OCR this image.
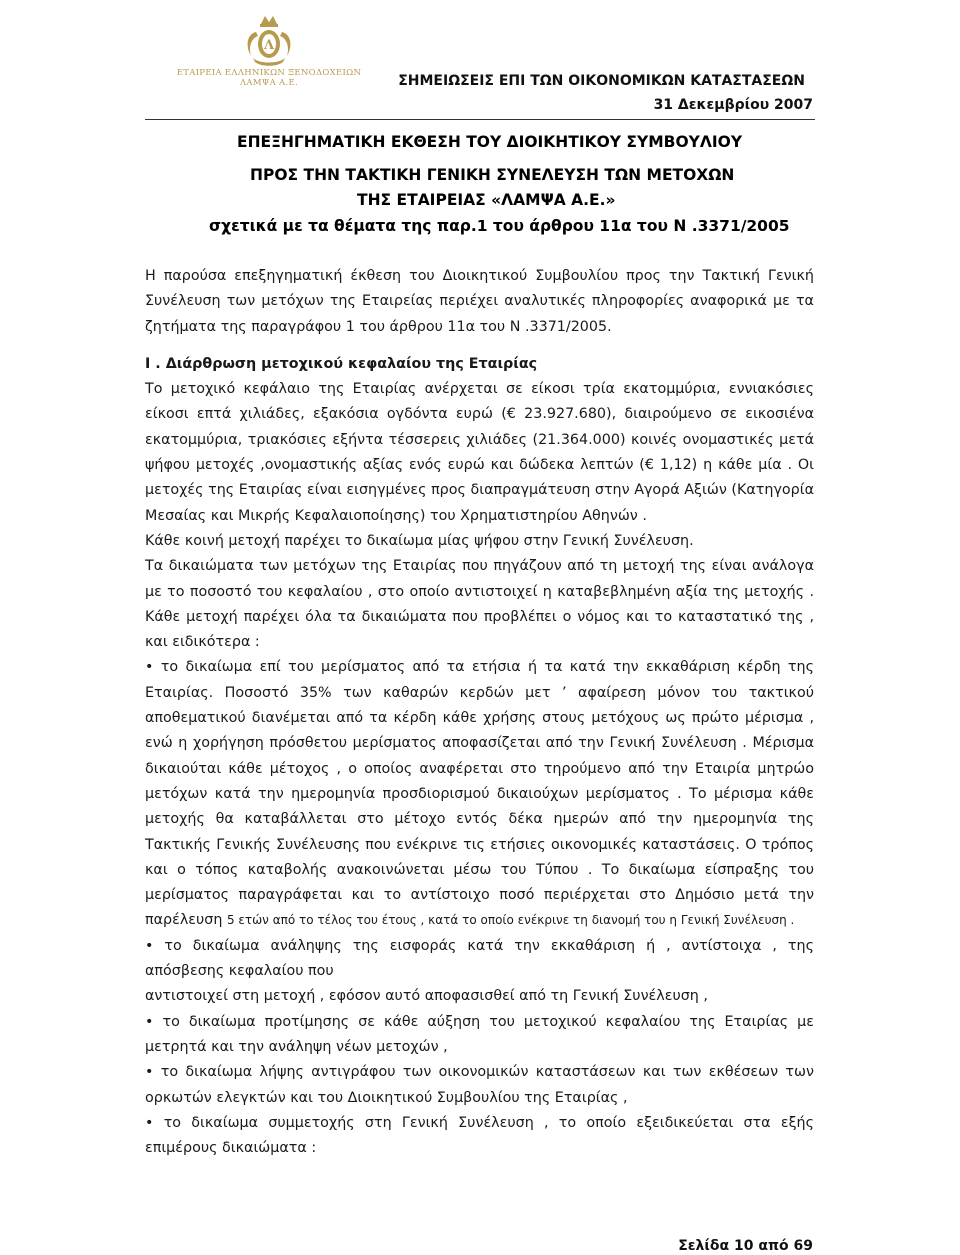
Λ
ΕΤΑΙΡΕΙΑ ΕΛΛΗΝΙΚΩΝ ΞΕΝΟΔΟΧΕΙΩΝ
ΛΑΜΨΑ Α.Ε.	ΣΗΜΕΙΩΣΕΙΣ ΕΠΙ ΤΩΝ ΟΙΚΟΝΟΜΙΚΩΝ ΚΑΤΑΣΤΑΣΕΩΝ
31 Δεκεμβρίου 2007
ΕΠΕΞΗΓΗΜΑΤΙΚΗ ΕΚΘΕΣΗ ΤΟΥ ΔΙΟΙΚΗΤΙΚΟΥ ΣΥΜΒΟΥΛΙΟΥ
ΠΡΟΣ ΤΗΝ ΤΑΚΤΙΚΗ ΓΕΝΙΚΗ ΣΥΝΕΛΕΥΣΗ ΤΩΝ ΜΕΤΟΧΩΝ
ΤΗΣ ΕΤΑΙΡΕΙΑΣ «ΛΑΜΨΑ Α.Ε.»
σχετικά με τα θέματα της παρ.1 του άρθρου 11α του Ν .3371/2005

Η παρούσα επεξηγηματική έκθεση του Διοικητικού Συμβουλίου προς την Τακτική Γενική Συνέλευση των μετόχων της Εταιρείας περιέχει αναλυτικές πληροφορίες αναφορικά με τα ζητήματα της παραγράφου 1 του άρθρου 11α του Ν .3371/2005.

Ι . Διάρθρωση μετοχικού κεφαλαίου της Εταιρίας

Το μετοχικό κεφάλαιο της Εταιρίας ανέρχεται σε είκοσι τρία εκατομμύρια, εννιακόσιες είκοσι επτά χιλιάδες, εξακόσια ογδόντα ευρώ (€ 23.927.680), διαιρούμενο σε εικοσιένα εκατομμύρια, τριακόσιες εξήντα τέσσερεις χιλιάδες (21.364.000) κοινές ονομαστικές μετά ψήφου μετοχές ,ονομαστικής αξίας ενός ευρώ και δώδεκα λεπτών (€ 1,12) η κάθε μία . Οι μετοχές της Εταιρίας είναι εισηγμένες προς διαπραγμάτευση στην Αγορά Αξιών (Κατηγορία Μεσαίας και Μικρής Κεφαλαιοποίησης) του Χρηματιστηρίου Αθηνών .

Κάθε κοινή μετοχή παρέχει το δικαίωμα μίας ψήφου στην Γενική Συνέλευση.

Τα δικαιώματα των μετόχων της Εταιρίας που πηγάζουν από τη μετοχή της είναι ανάλογα με το ποσοστό του κεφαλαίου , στο οποίο αντιστοιχεί η καταβεβλημένη αξία της μετοχής . Κάθε μετοχή παρέχει όλα τα δικαιώματα που προβλέπει ο νόμος και το καταστατικό της , και ειδικότερα :

• το δικαίωμα επί του μερίσματος από τα ετήσια ή τα κατά την εκκαθάριση κέρδη της Εταιρίας. Ποσοστό 35% των καθαρών κερδών μετ ’ αφαίρεση μόνον του τακτικού αποθεματικού διανέμεται από τα κέρδη κάθε χρήσης στους μετόχους ως πρώτο μέρισμα , ενώ η χορήγηση πρόσθετου μερίσματος αποφασίζεται από την Γενική Συνέλευση . Μέρισμα δικαιούται κάθε μέτοχος , ο οποίος αναφέρεται στο τηρούμενο από την Εταιρία μητρώο μετόχων κατά την ημερομηνία προσδιορισμού δικαιούχων μερίσματος . Το μέρισμα κάθε μετοχής θα καταβάλλεται στο μέτοχο εντός δέκα ημερών από την ημερομηνία της Τακτικής Γενικής Συνέλευσης που ενέκρινε τις ετήσιες οικονομικές καταστάσεις. Ο τρόπος και ο τόπος καταβολής ανακοινώνεται μέσω του Τύπου . Το δικαίωμα είσπραξης του μερίσματος παραγράφεται και το αντίστοιχο ποσό περιέρχεται στο Δημόσιο μετά την παρέλευση 5 ετών από το τέλος του έτους , κατά το οποίο ενέκρινε τη διανομή του η Γενική Συνέλευση .

• το δικαίωμα ανάληψης της εισφοράς κατά την εκκαθάριση ή , αντίστοιχα , της απόσβεσης κεφαλαίου που

αντιστοιχεί στη μετοχή , εφόσον αυτό αποφασισθεί από τη Γενική Συνέλευση ,

• το δικαίωμα προτίμησης σε κάθε αύξηση του μετοχικού κεφαλαίου της Εταιρίας με μετρητά και την ανάληψη νέων μετοχών ,

• το δικαίωμα λήψης αντιγράφου των οικονομικών καταστάσεων και των εκθέσεων των ορκωτών ελεγκτών και του Διοικητικού Συμβουλίου της Εταιρίας ,

• το δικαίωμα συμμετοχής στη Γενική Συνέλευση , το οποίο εξειδικεύεται στα εξής επιμέρους δικαιώματα :

Σελίδα 10 από 69
